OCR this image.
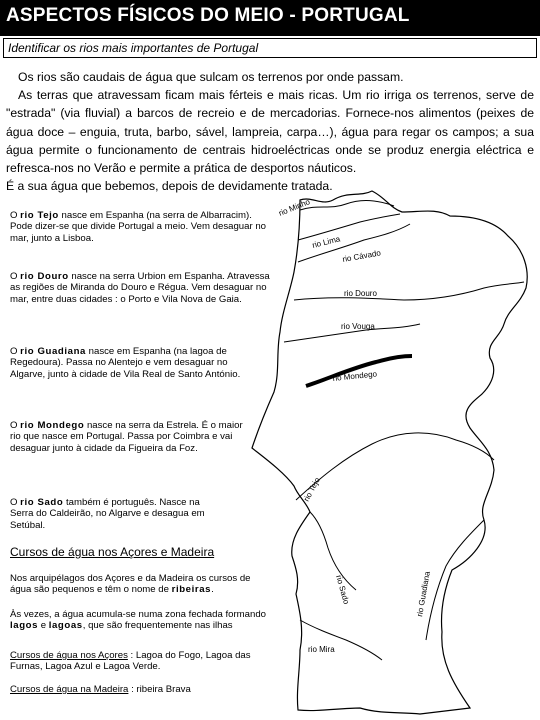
ASPECTOS FÍSICOS DO MEIO - PORTUGAL
Identificar os rios mais importantes de Portugal

Os rios são caudais de água que sulcam os terrenos por onde passam.

As terras que atravessam ficam mais férteis e mais ricas. Um rio irriga os terrenos, serve de "estrada" (via fluvial) a barcos de recreio e de mercadorias. Fornece-nos alimentos (peixes de água doce – enguia, truta, barbo, sável, lampreia, carpa…), água para regar os campos; a sua água permite o funcionamento de centrais hidroeléctricas onde se produz energia eléctrica e refresca-nos no Verão e permite a prática de desportos náuticos.

É a sua água que bebemos, depois de devidamente tratada.

O rio Tejo nasce em Espanha (na serra de Albarracim). Pode dizer-se que divide Portugal a meio. Vem desaguar no mar, junto a Lisboa.
O rio Douro nasce na serra Urbion em Espanha. Atravessa as regiões de Miranda do Douro e Régua. Vem desaguar no mar, entre duas cidades : o Porto e Vila Nova de Gaia.
O rio Guadiana nasce em Espanha (na lagoa de Regedoura). Passa no Alentejo e vem desaguar no Algarve, junto à cidade de Vila Real de Santo António.
O rio Mondego nasce na serra da Estrela. É o maior rio que nasce em Portugal. Passa por Coimbra e vai desaguar junto à cidade da Figueira da Foz.
O rio Sado também é português. Nasce na Serra do Caldeirão, no Algarve e desagua em Setúbal.
Cursos de água nos Açores e Madeira
Nos arquipélagos dos Açores e da Madeira os cursos de água são pequenos e têm o nome de ribeiras.
Às vezes, a água acumula-se numa zona fechada formando lagos e lagoas, que são frequentemente nas ilhas
Cursos de água nos Açores : Lagoa do Fogo, Lagoa das Furnas, Lagoa Azul e Lagoa Verde.
Cursos de água na Madeira : ribeira Brava
rio Minho
rio Lima
rio Cávado
rio Douro
rio Vouga
rio Mondego
rio Tejo
rio Sado	rio Guadiana
rio Mira
